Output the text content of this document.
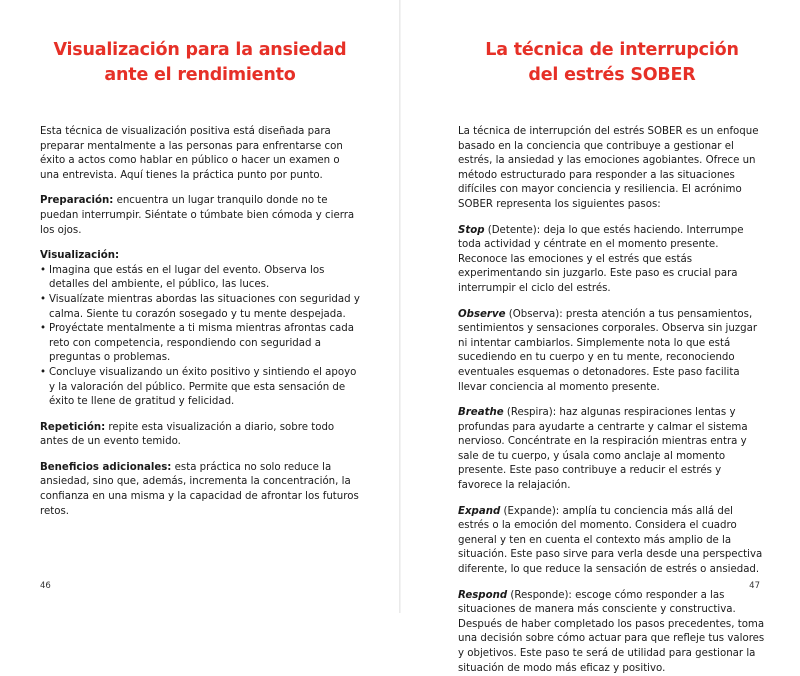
Visualización para la ansiedad
ante el rendimiento

Esta técnica de visualización positiva está diseñada para preparar mentalmente a las personas para enfrentarse con éxito a actos como hablar en público o hacer un examen o una entrevista. Aquí tienes la práctica punto por punto.

Preparación: encuentra un lugar tranquilo donde no te puedan interrumpir. Siéntate o túmbate bien cómoda y cierra los ojos.

Visualización:
• Imagina que estás en el lugar del evento. Observa los detalles del ambiente, el público, las luces.
• Visualízate mientras abordas las situaciones con seguridad y calma. Siente tu corazón sosegado y tu mente despejada.
• Proyéctate mentalmente a ti misma mientras afrontas cada reto con competencia, respondiendo con seguridad a preguntas o problemas.
• Concluye visualizando un éxito positivo y sintiendo el apoyo y la valoración del público. Permite que esta sensación de éxito te llene de gratitud y felicidad.

Repetición: repite esta visualización a diario, sobre todo antes de un evento temido.

Beneficios adicionales: esta práctica no solo reduce la ansiedad, sino que, además, incrementa la concentración, la confianza en una misma y la capacidad de afrontar los futuros retos.

46
La técnica de interrupción
del estrés SOBER

La técnica de interrupción del estrés SOBER es un enfoque basado en la conciencia que contribuye a gestionar el estrés, la ansiedad y las emociones agobiantes. Ofrece un método estructurado para responder a las situaciones difíciles con mayor conciencia y resiliencia. El acrónimo SOBER representa los siguientes pasos:

Stop (Detente): deja lo que estés haciendo. Interrumpe toda actividad y céntrate en el momento presente. Reconoce las emociones y el estrés que estás experimentando sin juzgarlo. Este paso es crucial para interrumpir el ciclo del estrés.

Observe (Observa): presta atención a tus pensamientos, sentimientos y sensaciones corporales. Observa sin juzgar ni intentar cambiarlos. Simplemente nota lo que está sucediendo en tu cuerpo y en tu mente, reconociendo eventuales esquemas o detonadores. Este paso facilita llevar conciencia al momento presente.

Breathe (Respira): haz algunas respiraciones lentas y profundas para ayudarte a centrarte y calmar el sistema nervioso. Concéntrate en la respiración mientras entra y sale de tu cuerpo, y úsala como anclaje al momento presente. Este paso contribuye a reducir el estrés y favorece la relajación.

Expand (Expande): amplía tu conciencia más allá del estrés o la emoción del momento. Considera el cuadro general y ten en cuenta el contexto más amplio de la situación. Este paso sirve para verla desde una perspectiva diferente, lo que reduce la sensación de estrés o ansiedad.

Respond (Responde): escoge cómo responder a las situaciones de manera más consciente y constructiva. Después de haber completado los pasos precedentes, toma una decisión sobre cómo actuar para que refleje tus valores y objetivos. Este paso te será de utilidad para gestionar la situación de modo más eficaz y positivo.

47
